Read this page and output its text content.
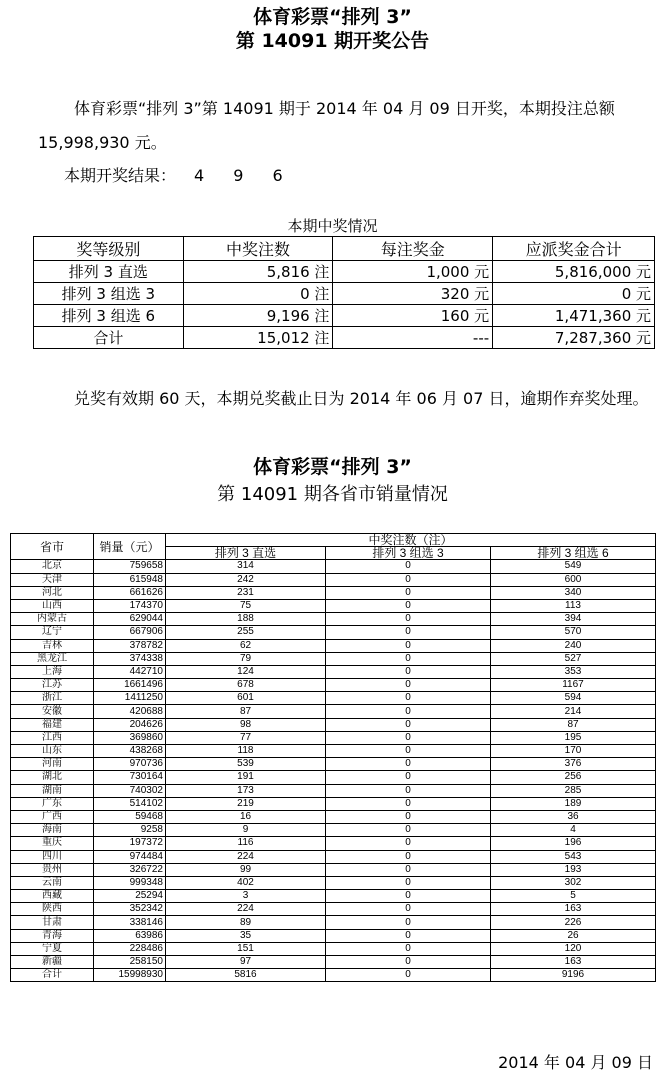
体育彩票“排列 3”
第 14091 期开奖公告
体育彩票“排列 3”第 14091 期于 2014 年 04 月 09 日开奖，本期投注总额 15,998,930 元。
本期开奖结果： 4 9 6
本期中奖情况
奖等级别	中奖注数	每注奖金	应派奖金合计
排列 3 直选	5,816 注	1,000 元	5,816,000 元
排列 3 组选 3	0 注	320 元	0 元
排列 3 组选 6	9,196 注	160 元	1,471,360 元
合计	15,012 注	---	7,287,360 元
兑奖有效期 60 天，本期兑奖截止日为 2014 年 06 月 07 日，逾期作弃奖处理。
体育彩票“排列 3”
第 14091 期各省市销量情况
省市	销量（元）	中奖注数（注）		
		排列 3 直选	排列 3 组选 3	排列 3 组选 6
北京	759658	314	0	549
天津	615948	242	0	600
河北	661626	231	0	340
山西	174370	75	0	113
内蒙古	629044	188	0	394
辽宁	667906	255	0	570
吉林	378782	62	0	240
黑龙江	374338	79	0	527
上海	442710	124	0	353
江苏	1661496	678	0	1167
浙江	1411250	601	0	594
安徽	420688	87	0	214
福建	204626	98	0	87
江西	369860	77	0	195
山东	438268	118	0	170
河南	970736	539	0	376
湖北	730164	191	0	256
湖南	740302	173	0	285
广东	514102	219	0	189
广西	59468	16	0	36
海南	9258	9	0	4
重庆	197372	116	0	196
四川	974484	224	0	543
贵州	326722	99	0	193
云南	999348	402	0	302
西藏	25294	3	0	5
陕西	352342	224	0	163
甘肃	338146	89	0	226
青海	63986	35	0	26
宁夏	228486	151	0	120
新疆	258150	97	0	163
合计	15998930	5816	0	9196
2014 年 04 月 09 日
